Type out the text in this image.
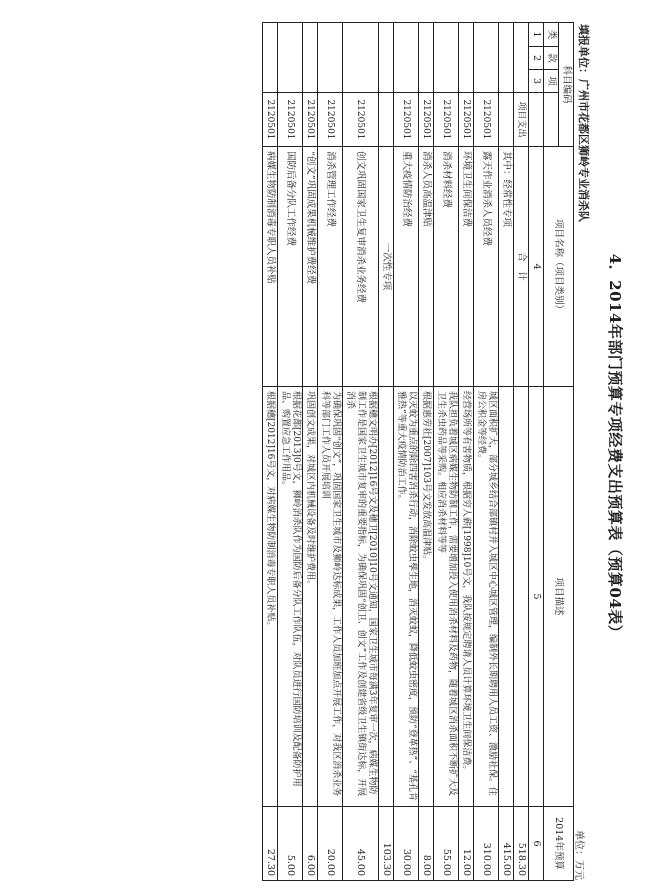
4．2014年部门预算专项经费支出预算表（预算04表）
填报单位：广州市花都区狮岭专业消杀队
单位：万元
科目编码				项目名称（项目类别）	项目描述	2014年预算
类	款	项				
1	2	3		4	5	6
			项目支出	合　计		518.30
				其中：经常性专项		415.00
			2120501	露天作业消杀人员经费	城区面积扩大，部分城乡结合部镇村并入城区中心城区管理，编制外长期聘用人员工资、激励社保。住房公积金等经费。	310.00
			2120501	环境卫生间保洁费	经营场所等有害物质，根据穷人薪[1998]10号文，我队按规定聘请人员计算环境卫生间保洁费。	12.00
			2120501	消杀材料经费	我队担负着城区病媒生物防制工作，需要增加投入使用消杀材料及药物，随着城区消杀面积不断扩大及卫生杀虫药品等采购。相应消杀材料等等	55.00
			2120501	消杀人员高温津贴	根据惠劳社[2007]103号文发放高温津贴。	8.00
			2120501	重大疫情防治经费	以灭蚊为重点的除四害消杀行动，消除蚊虫孳生地，消灭蚊蚁，降低蚊虫密度，预防“登革热”、“基孔肯雅热”等重大疫情防治工作。	30.00
				一次性专项		103.30
			2120501	创文巩固国家卫生复审消杀业务经费	根据穗文明办[2012]16号文及穗卫[2010]10号文通知，国家卫生城市每满3年复审一次，病媒生物防制工作是国家卫生城市复审的重要指标，为确保巩固“创卫、创文”工作及创建省级卫生镇街达标，开展消杀	45.00
			2120501	消杀管理工作经费	为确保巩固“创文”，巩固国家卫生城市及狮岭达标成果，工作人员加班加点开展工作，对我区消杀业务科等部门工作人员开展培训	20.00
			2120501	“创文”巩固成果机械维护费经费	巩固创文成果，对城区内机械设备及时维护费用。	6.00
			2120501	国防后备分队工作经费	根据花都[2013]0号文，狮岭消杀队作为国防后备分队工作队伍，对队员进行国防培训及配备防护用品、购置应急工作用品。	5.00
			2120501	病媒生物防制消毒专职人员补贴	根据穗[2012]16号文，对病媒生物防制消毒专职人员补贴。	27.30
